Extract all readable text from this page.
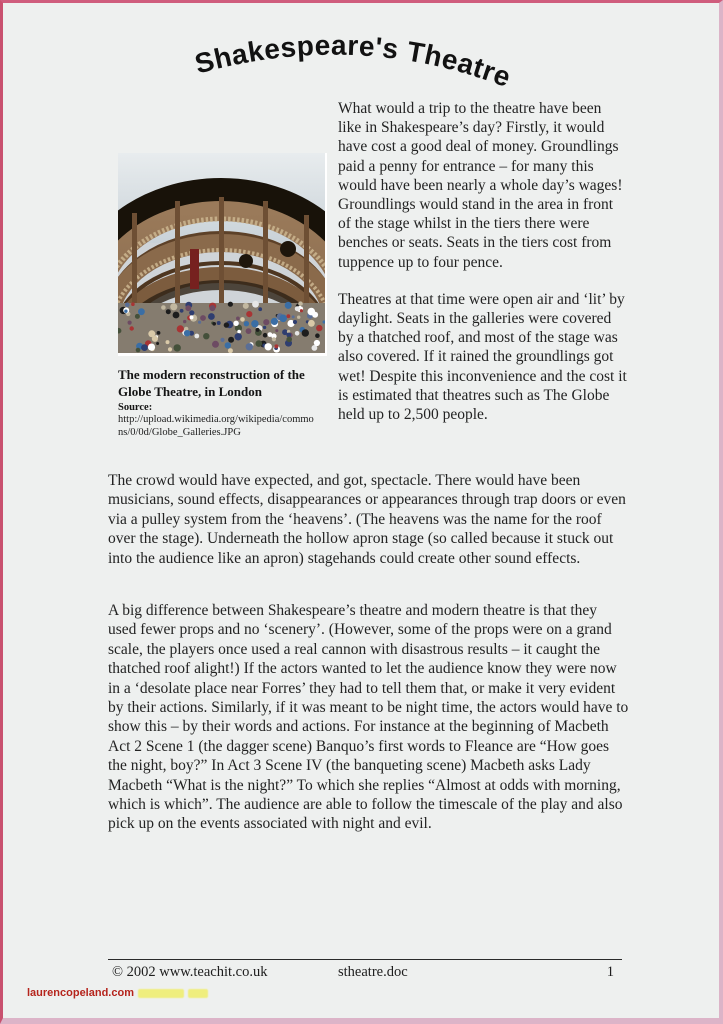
Shakespeare's Theatre

What would a trip to the theatre have been like in Shakespeare’s day? Firstly, it would have cost a good deal of money. Groundlings paid a penny for entrance – for many this would have been nearly a whole day’s wages! Groundlings would stand in the area in front of the stage whilst in the tiers there were benches or seats. Seats in the tiers cost from tuppence up to four pence.

Theatres at that time were open air and ‘lit’ by daylight. Seats in the galleries were covered by a thatched roof, and most of the stage was also covered. If it rained the groundlings got wet! Despite this inconvenience and the cost it is estimated that theatres such as The Globe held up to 2,500 people.

The modern reconstruction of the Globe Theatre, in London
Source:
http://upload.wikimedia.org/wikipedia/commons/0/0d/Globe_Galleries.JPG
The crowd would have expected, and got, spectacle. There would have been musicians, sound effects, disappearances or appearances through trap doors or even via a pulley system from the ‘heavens’. (The heavens was the name for the roof over the stage). Underneath the hollow apron stage (so called because it stuck out into the audience like an apron) stagehands could create other sound effects.
A big difference between Shakespeare’s theatre and modern theatre is that they used fewer props and no ‘scenery’. (However, some of the props were on a grand scale, the players once used a real cannon with disastrous results – it caught the thatched roof alight!) If the actors wanted to let the audience know they were now in a ‘desolate place near Forres’ they had to tell them that, or make it very evident by their actions. Similarly, if it was meant to be night time, the actors would have to show this – by their words and actions. For instance at the beginning of Macbeth Act 2 Scene 1 (the dagger scene) Banquo’s first words to Fleance are “How goes the night, boy?” In Act 3 Scene IV (the banqueting scene) Macbeth asks Lady Macbeth “What is the night?” To which she replies “Almost at odds with morning, which is which”. The audience are able to follow the timescale of the play and also pick up on the events associated with night and evil.
© 2002 www.teachit.co.uk	stheatre.doc	1
laurencopeland.com
